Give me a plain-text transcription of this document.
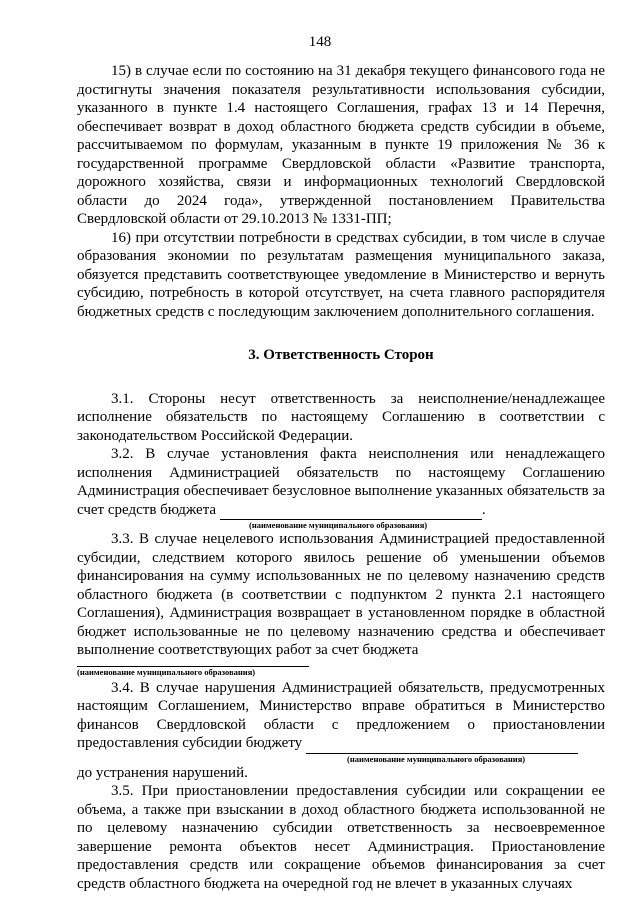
148

15) в случае если по состоянию на 31 декабря текущего финансового года не достигнуты значения показателя результативности использования субсидии, указанного в пункте 1.4 настоящего Соглашения, графах 13 и 14 Перечня, обеспечивает возврат в доход областного бюджета средств субсидии в объеме, рассчитываемом по формулам, указанным в пункте 19 приложения № 36 к государственной программе Свердловской области «Развитие транспорта, дорожного хозяйства, связи и информационных технологий Свердловской области до 2024 года», утвержденной постановлением Правительства Свердловской области от 29.10.2013 № 1331-ПП;

16) при отсутствии потребности в средствах субсидии, в том числе в случае образования экономии по результатам размещения муниципального заказа, обязуется представить соответствующее уведомление в Министерство и вернуть субсидию, потребность в которой отсутствует, на счета главного распорядителя бюджетных средств с последующим заключением дополнительного соглашения.

3. Ответственность Сторон

3.1. Стороны несут ответственность за неисполнение/ненадлежащее исполнение обязательств по настоящему Соглашению в соответствии с законодательством Российской Федерации.

3.2. В случае установления факта неисполнения или ненадлежащего исполнения Администрацией обязательств по настоящему Соглашению Администрация обеспечивает безусловное выполнение указанных обязательств за счет средств бюджета	.

(наименование муниципального образования)

3.3. В случае нецелевого использования Администрацией предоставленной субсидии, следствием которого явилось решение об уменьшении объемов финансирования на сумму использованных не по целевому назначению средств областного бюджета (в соответствии с подпунктом 2 пункта 2.1 настоящего Соглашения), Администрация возвращает в установленном порядке в областной бюджет использованные не по целевому назначению средства и обеспечивает выполнение соответствующих работ за счет бюджета

(наименование муниципального образования)

3.4. В случае нарушения Администрацией обязательств, предусмотренных настоящим Соглашением, Министерство вправе обратиться в Министерство финансов Свердловской области с предложением о приостановлении предоставления субсидии бюджету

(наименование муниципального образования)

до устранения нарушений.

3.5. При приостановлении предоставления субсидии или сокращении ее объема, а также при взыскании в доход областного бюджета использованной не по целевому назначению субсидии ответственность за несвоевременное завершение ремонта объектов несет Администрация. Приостановление предоставления средств или сокращение объемов финансирования за счет средств областного бюджета на очередной год не влечет в указанных случаях
